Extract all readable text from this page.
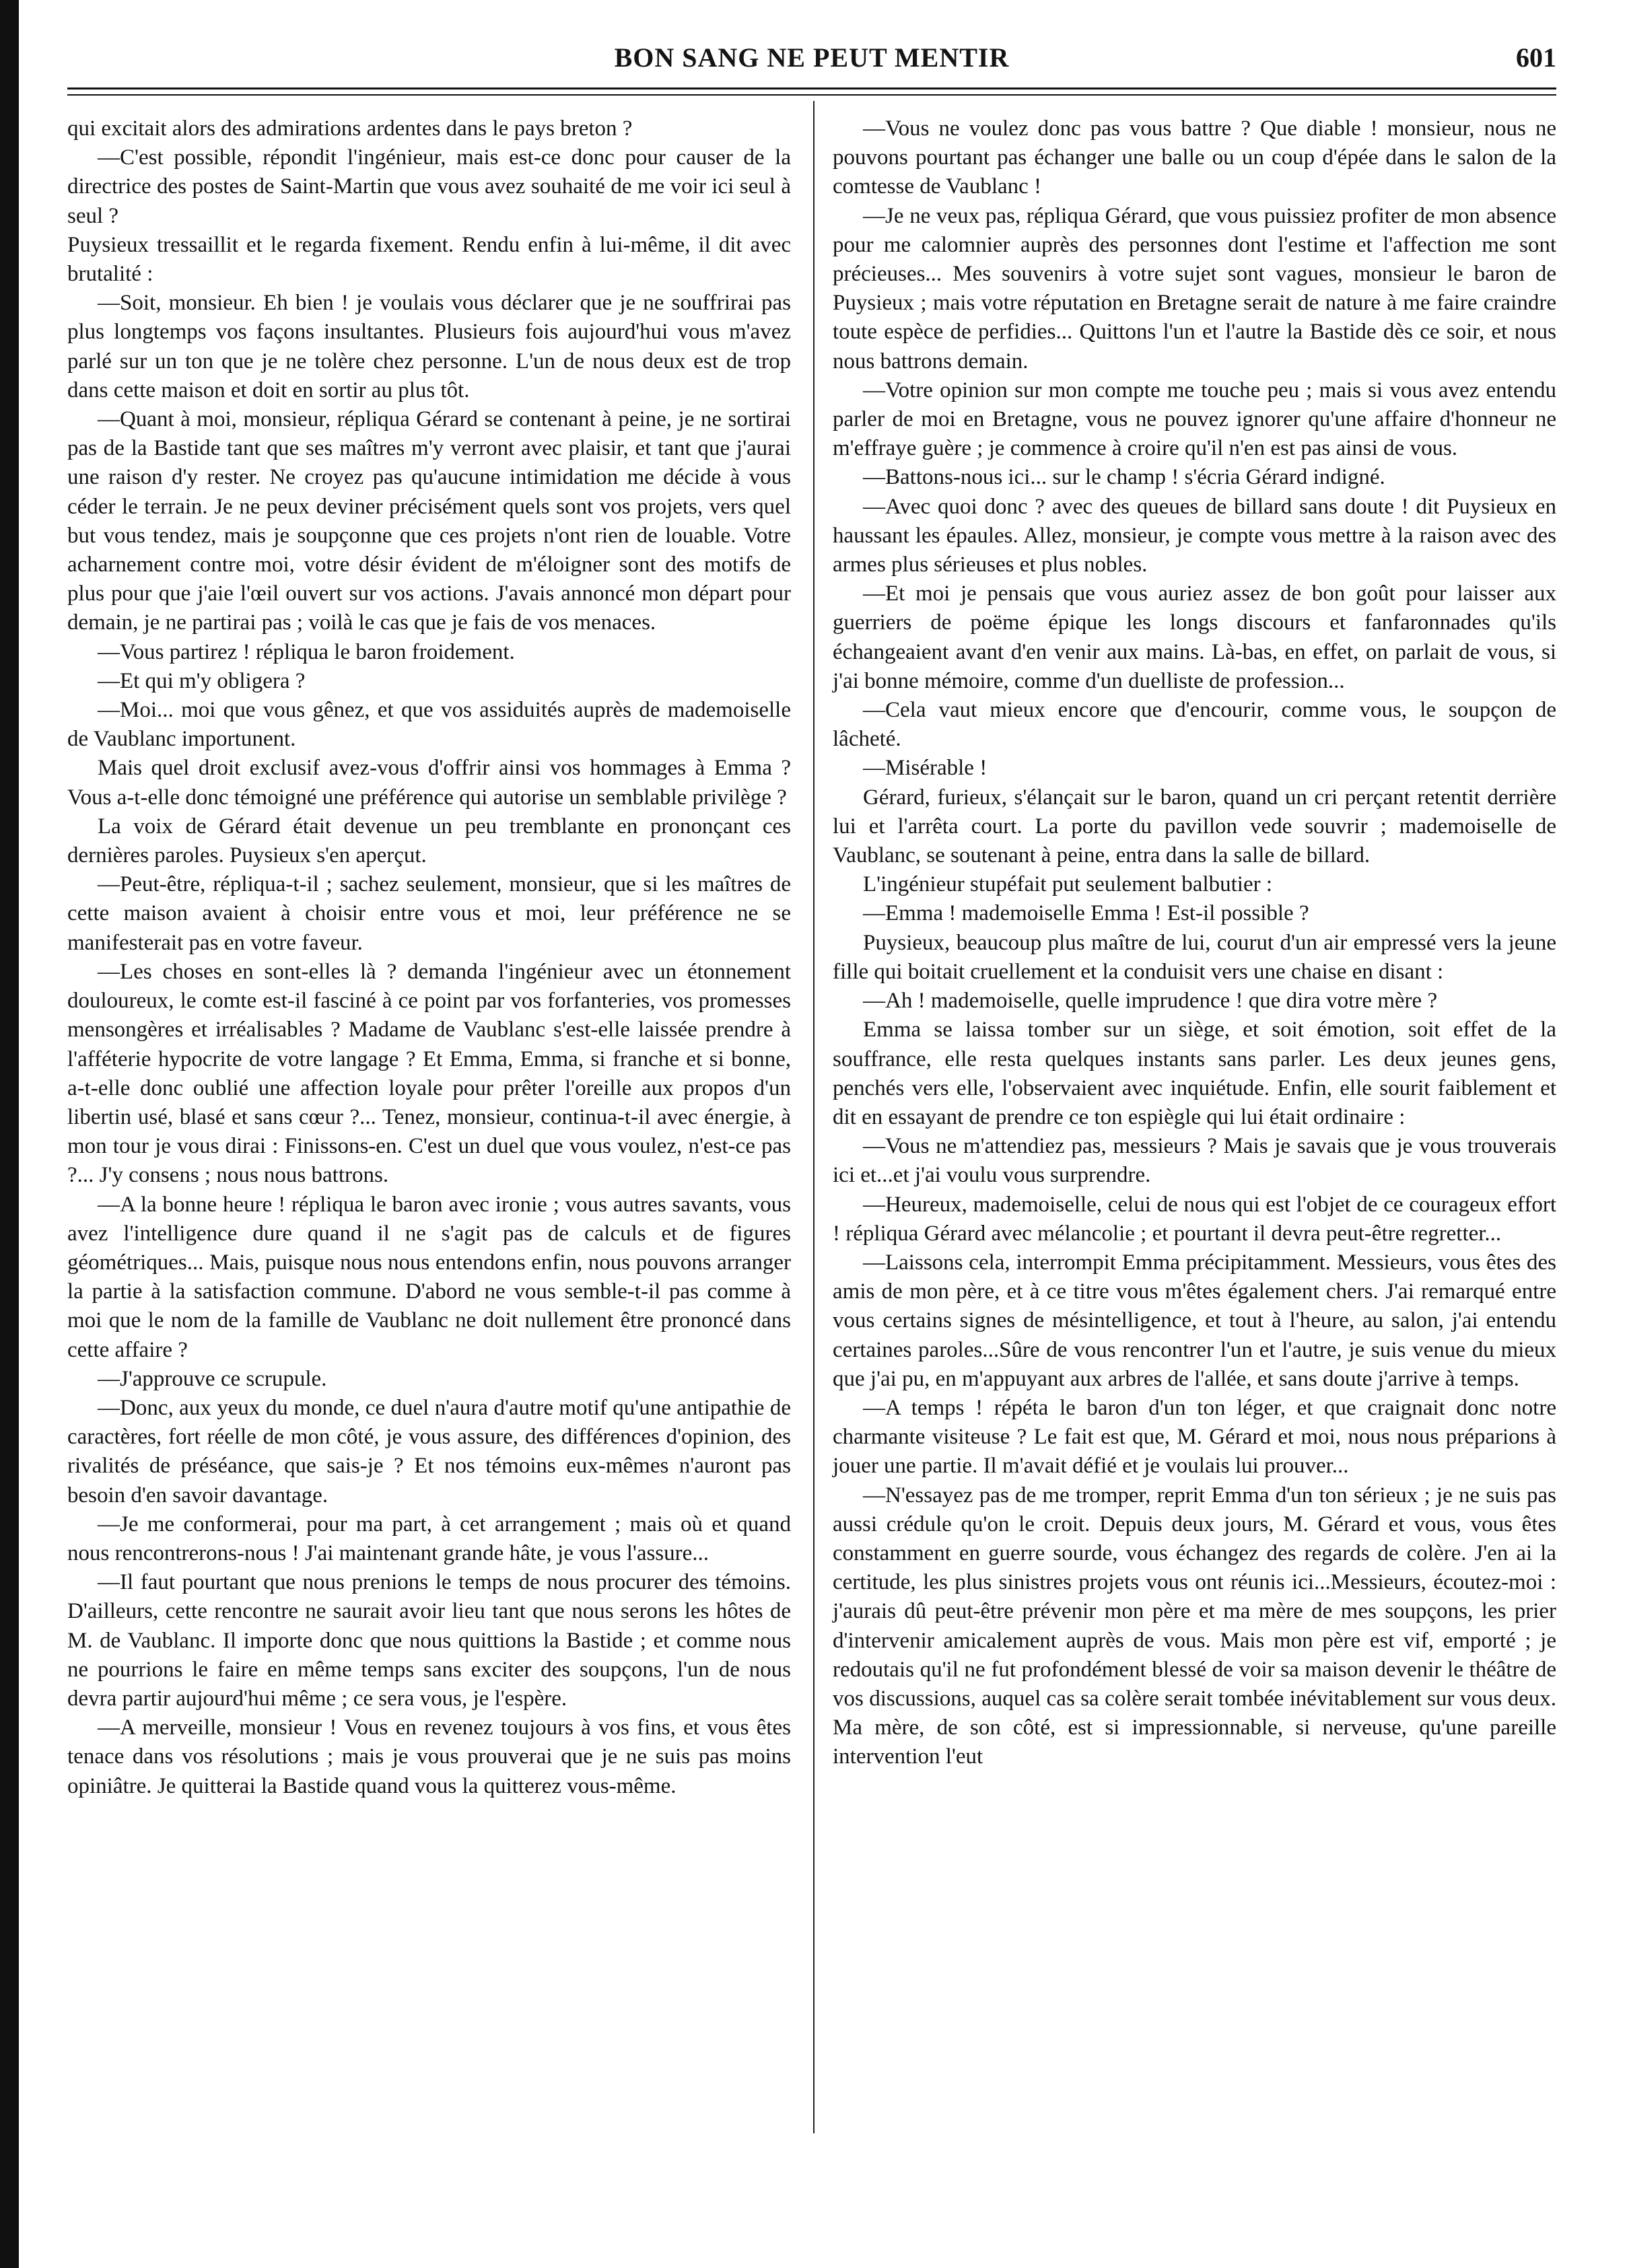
BON SANG NE PEUT MENTIR	601

qui excitait alors des admirations ardentes dans le pays breton ?

—C'est possible, répondit l'ingénieur, mais est-ce donc pour causer de la directrice des postes de Saint-Martin que vous avez souhaité de me voir ici seul à seul ?

Puysieux tressaillit et le regarda fixement. Rendu enfin à lui-même, il dit avec brutalité :

—Soit, monsieur. Eh bien ! je voulais vous déclarer que je ne souffrirai pas plus longtemps vos façons insultantes. Plusieurs fois aujourd'hui vous m'avez parlé sur un ton que je ne tolère chez personne. L'un de nous deux est de trop dans cette maison et doit en sortir au plus tôt.

—Quant à moi, monsieur, répliqua Gérard se contenant à peine, je ne sortirai pas de la Bastide tant que ses maîtres m'y verront avec plaisir, et tant que j'aurai une raison d'y rester. Ne croyez pas qu'aucune intimidation me décide à vous céder le terrain. Je ne peux deviner précisément quels sont vos projets, vers quel but vous tendez, mais je soupçonne que ces projets n'ont rien de louable. Votre acharnement contre moi, votre désir évident de m'éloigner sont des motifs de plus pour que j'aie l'œil ouvert sur vos actions. J'avais annoncé mon départ pour demain, je ne partirai pas ; voilà le cas que je fais de vos menaces.

—Vous partirez ! répliqua le baron froidement.

—Et qui m'y obligera ?

—Moi... moi que vous gênez, et que vos assiduités auprès de mademoiselle de Vaublanc importunent.

Mais quel droit exclusif avez-vous d'offrir ainsi vos hommages à Emma ? Vous a-t-elle donc témoigné une préférence qui autorise un semblable privilège ?

La voix de Gérard était devenue un peu tremblante en prononçant ces dernières paroles. Puysieux s'en aperçut.

—Peut-être, répliqua-t-il ; sachez seulement, monsieur, que si les maîtres de cette maison avaient à choisir entre vous et moi, leur préférence ne se manifesterait pas en votre faveur.

—Les choses en sont-elles là ? demanda l'ingénieur avec un étonnement douloureux, le comte est-il fasciné à ce point par vos forfanteries, vos promesses mensongères et irréalisables ? Madame de Vaublanc s'est-elle laissée prendre à l'afféterie hypocrite de votre langage ? Et Emma, Emma, si franche et si bonne, a-t-elle donc oublié une affection loyale pour prêter l'oreille aux propos d'un libertin usé, blasé et sans cœur ?... Tenez, monsieur, continua-t-il avec énergie, à mon tour je vous dirai : Finissons-en. C'est un duel que vous voulez, n'est-ce pas ?... J'y consens ; nous nous battrons.

—A la bonne heure ! répliqua le baron avec ironie ; vous autres savants, vous avez l'intelligence dure quand il ne s'agit pas de calculs et de figures géométriques... Mais, puisque nous nous entendons enfin, nous pouvons arranger la partie à la satisfaction commune. D'abord ne vous semble-t-il pas comme à moi que le nom de la famille de Vaublanc ne doit nullement être prononcé dans cette affaire ?

—J'approuve ce scrupule.

—Donc, aux yeux du monde, ce duel n'aura d'autre motif qu'une antipathie de caractères, fort réelle de mon côté, je vous assure, des différences d'opinion, des rivalités de préséance, que sais-je ? Et nos témoins eux-mêmes n'auront pas besoin d'en savoir davantage.

—Je me conformerai, pour ma part, à cet arrangement ; mais où et quand nous rencontrerons-nous ! J'ai maintenant grande hâte, je vous l'assure...

—Il faut pourtant que nous prenions le temps de nous procurer des témoins. D'ailleurs, cette rencontre ne saurait avoir lieu tant que nous serons les hôtes de M. de Vaublanc. Il importe donc que nous quittions la Bastide ; et comme nous ne pourrions le faire en même temps sans exciter des soupçons, l'un de nous devra partir aujourd'hui même ; ce sera vous, je l'espère.

—A merveille, monsieur ! Vous en revenez toujours à vos fins, et vous êtes tenace dans vos résolutions ; mais je vous prouverai que je ne suis pas moins opiniâtre. Je quitterai la Bastide quand vous la quitterez vous-même.

—Vous ne voulez donc pas vous battre ? Que diable ! monsieur, nous ne pouvons pourtant pas échanger une balle ou un coup d'épée dans le salon de la comtesse de Vaublanc !

—Je ne veux pas, répliqua Gérard, que vous puissiez profiter de mon absence pour me calomnier auprès des personnes dont l'estime et l'affection me sont précieuses... Mes souvenirs à votre sujet sont vagues, monsieur le baron de Puysieux ; mais votre réputation en Bretagne serait de nature à me faire craindre toute espèce de perfidies... Quittons l'un et l'autre la Bastide dès ce soir, et nous nous battrons demain.

—Votre opinion sur mon compte me touche peu ; mais si vous avez entendu parler de moi en Bretagne, vous ne pouvez ignorer qu'une affaire d'honneur ne m'effraye guère ; je commence à croire qu'il n'en est pas ainsi de vous.

—Battons-nous ici... sur le champ ! s'écria Gérard indigné.

—Avec quoi donc ? avec des queues de billard sans doute ! dit Puysieux en haussant les épaules. Allez, monsieur, je compte vous mettre à la raison avec des armes plus sérieuses et plus nobles.

—Et moi je pensais que vous auriez assez de bon goût pour laisser aux guerriers de poëme épique les longs discours et fanfaronnades qu'ils échangeaient avant d'en venir aux mains. Là-bas, en effet, on parlait de vous, si j'ai bonne mémoire, comme d'un duelliste de profession...

—Cela vaut mieux encore que d'encourir, comme vous, le soupçon de lâcheté.

—Misérable !

Gérard, furieux, s'élançait sur le baron, quand un cri perçant retentit derrière lui et l'arrêta court. La porte du pavillon vede souvrir ; mademoiselle de Vaublanc, se soutenant à peine, entra dans la salle de billard.

L'ingénieur stupéfait put seulement balbutier :

—Emma ! mademoiselle Emma ! Est-il possible ?

Puysieux, beaucoup plus maître de lui, courut d'un air empressé vers la jeune fille qui boitait cruellement et la conduisit vers une chaise en disant :

—Ah ! mademoiselle, quelle imprudence ! que dira votre mère ?

Emma se laissa tomber sur un siège, et soit émotion, soit effet de la souffrance, elle resta quelques instants sans parler. Les deux jeunes gens, penchés vers elle, l'observaient avec inquiétude. Enfin, elle sourit faiblement et dit en essayant de prendre ce ton espiègle qui lui était ordinaire :

—Vous ne m'attendiez pas, messieurs ? Mais je savais que je vous trouverais ici et...et j'ai voulu vous surprendre.

—Heureux, mademoiselle, celui de nous qui est l'objet de ce courageux effort ! répliqua Gérard avec mélancolie ; et pourtant il devra peut-être regretter...

—Laissons cela, interrompit Emma précipitamment. Messieurs, vous êtes des amis de mon père, et à ce titre vous m'êtes également chers. J'ai remarqué entre vous certains signes de mésintelligence, et tout à l'heure, au salon, j'ai entendu certaines paroles...Sûre de vous rencontrer l'un et l'autre, je suis venue du mieux que j'ai pu, en m'appuyant aux arbres de l'allée, et sans doute j'arrive à temps.

—A temps ! répéta le baron d'un ton léger, et que craignait donc notre charmante visiteuse ? Le fait est que, M. Gérard et moi, nous nous préparions à jouer une partie. Il m'avait défié et je voulais lui prouver...

—N'essayez pas de me tromper, reprit Emma d'un ton sérieux ; je ne suis pas aussi crédule qu'on le croit. Depuis deux jours, M. Gérard et vous, vous êtes constamment en guerre sourde, vous échangez des regards de colère. J'en ai la certitude, les plus sinistres projets vous ont réunis ici...Messieurs, écoutez-moi : j'aurais dû peut-être prévenir mon père et ma mère de mes soupçons, les prier d'intervenir amicalement auprès de vous. Mais mon père est vif, emporté ; je redoutais qu'il ne fut profondément blessé de voir sa maison devenir le théâtre de vos discussions, auquel cas sa colère serait tombée inévitablement sur vous deux. Ma mère, de son côté, est si impressionnable, si nerveuse, qu'une pareille intervention l'eut
